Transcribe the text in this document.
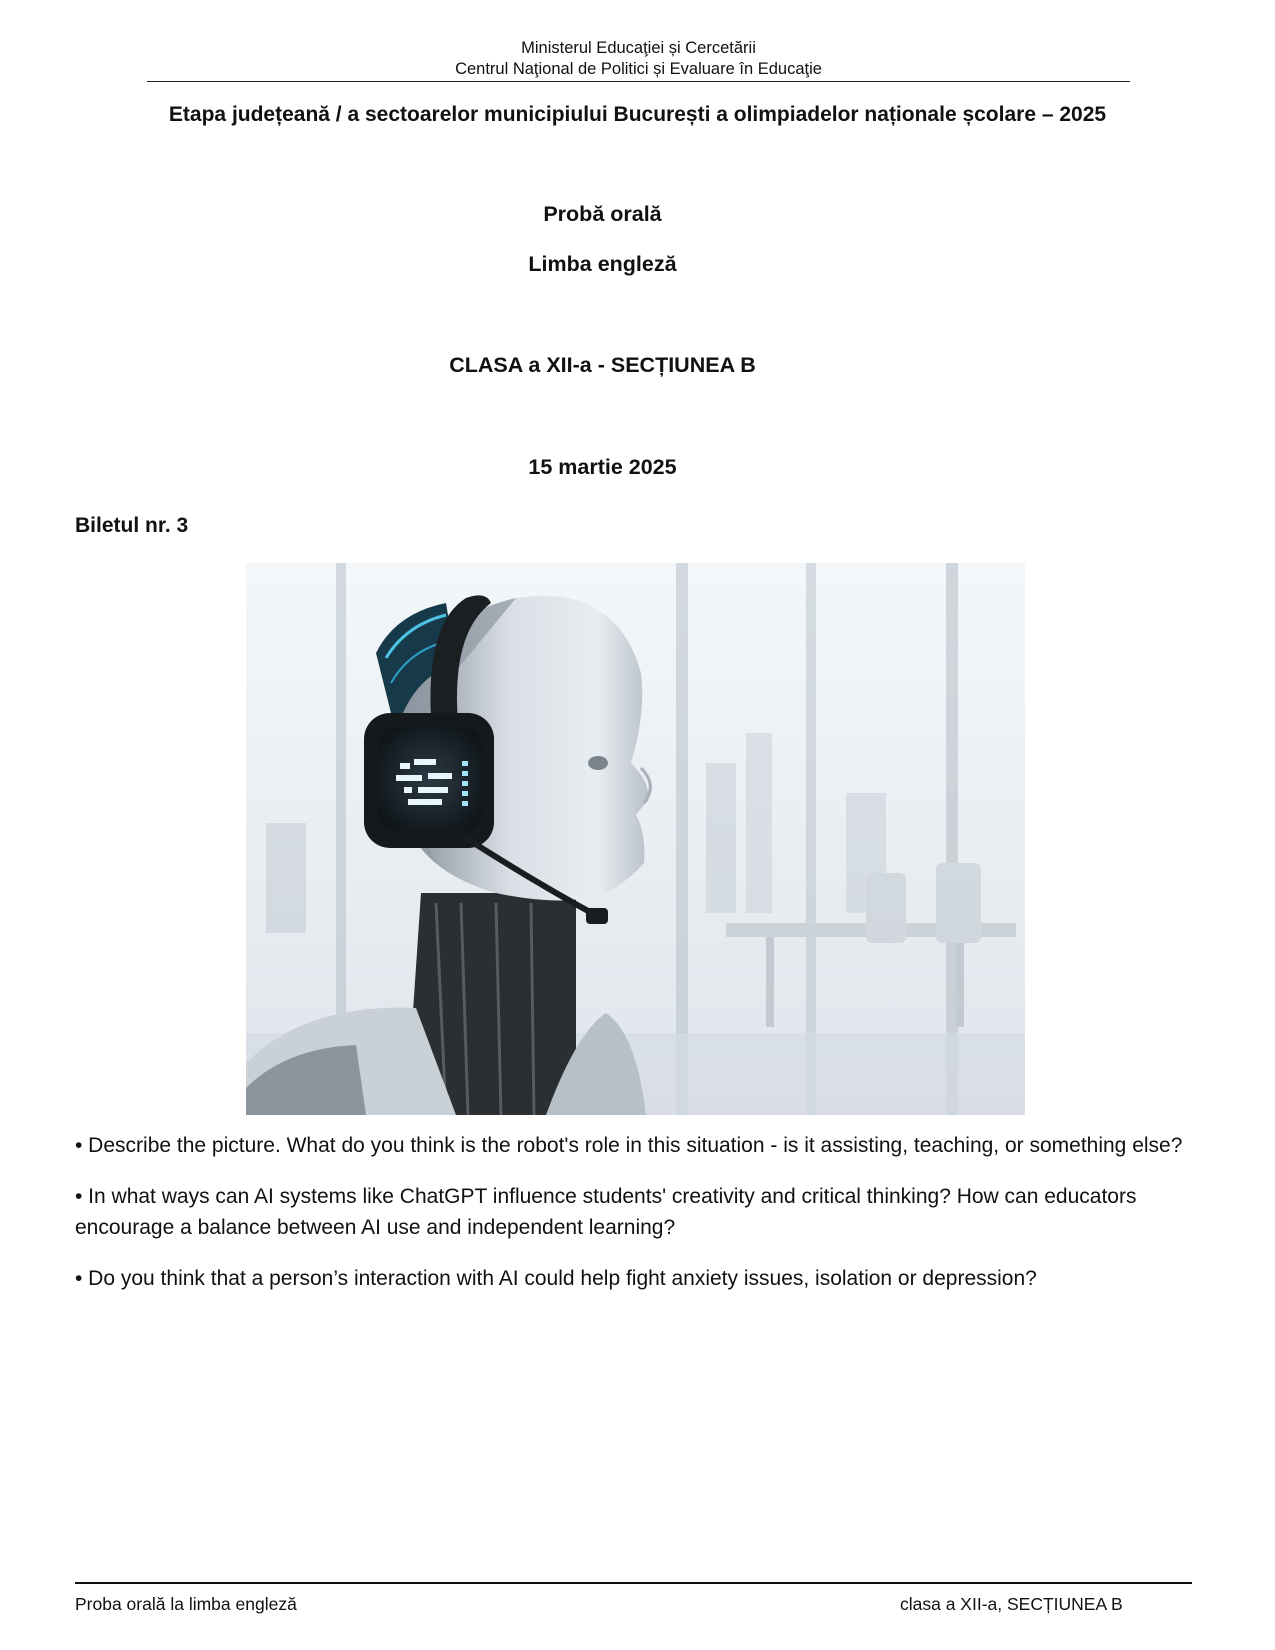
Ministerul Educaţiei și Cercetării
Centrul Naţional de Politici și Evaluare în Educaţie
Etapa județeană / a sectoarelor municipiului București a olimpiadelor naționale școlare – 2025
Probă orală
Limba engleză
CLASA a XII-a - SECȚIUNEA B
15 martie 2025
Biletul nr. 3

• Describe the picture. What do you think is the robot's role in this situation - is it assisting, teaching, or something else?

• In what ways can AI systems like ChatGPT influence students' creativity and critical thinking? How can educators encourage a balance between AI use and independent learning?

• Do you think that a person’s interaction with AI could help fight anxiety issues, isolation or depression?

Proba orală la limba engleză	clasa a XII-a, SECȚIUNEA B
